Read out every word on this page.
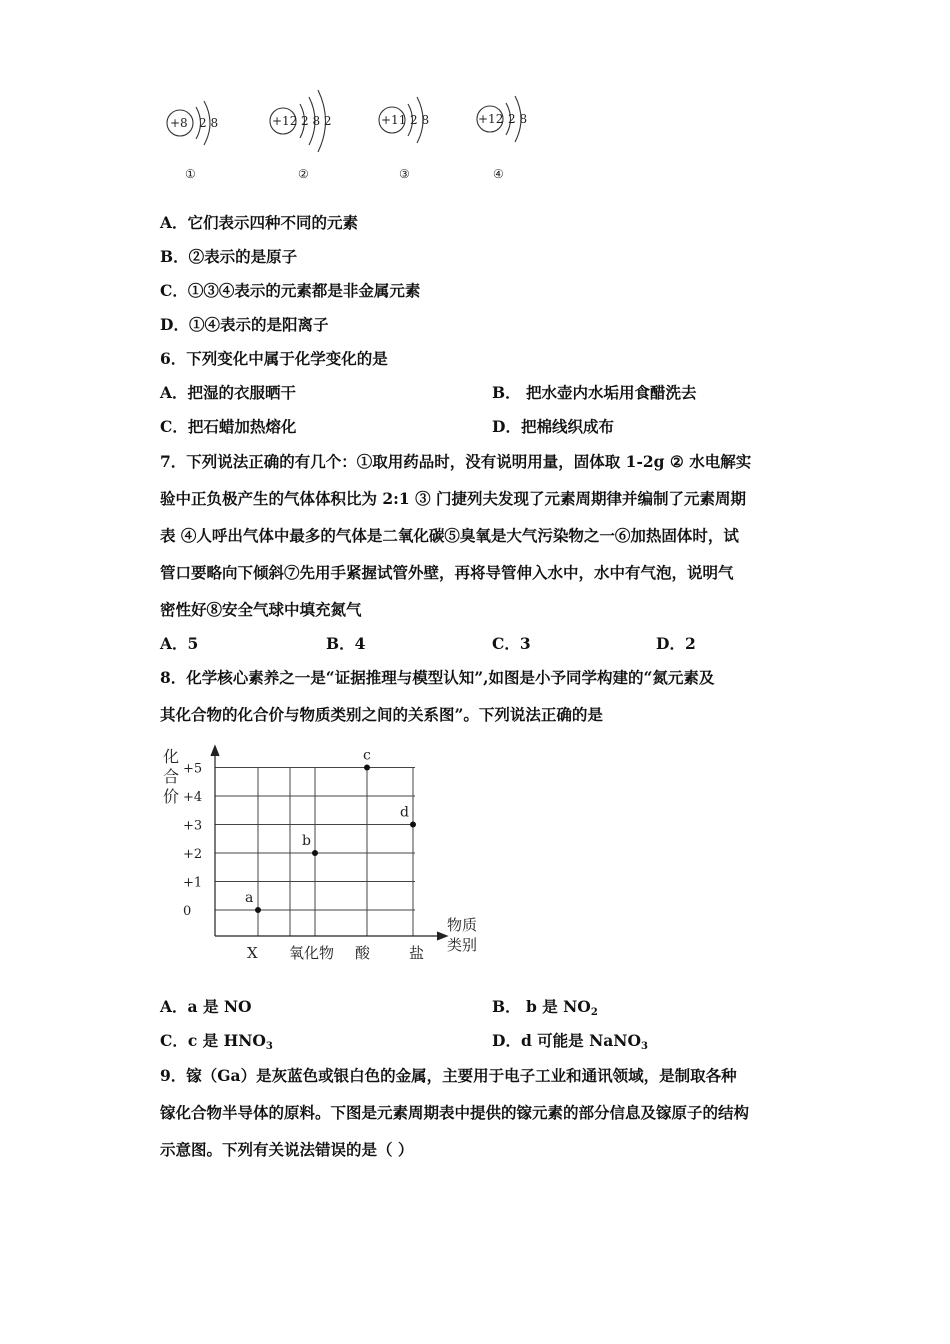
+8 2 8
①
+12 2 8 2
②
+11 2 8
③
+12 2 8
④
A．它们表示四种不同的元素
B．②表示的是原子
C．①③④表示的元素都是非金属元素
D．①④表示的是阳离子
6．下列变化中属于化学变化的是
A．把湿的衣服晒干	B． 把水壶内水垢用食醋洗去
C．把石蜡加热熔化	D．把棉线织成布
7．下列说法正确的有几个：①取用药品时，没有说明用量，固体取 1-2g ② 水电解实
验中正负极产生的气体体积比为 2:1 ③ 门捷列夫发现了元素周期律并编制了元素周期
表 ④人呼出气体中最多的气体是二氧化碳⑤臭氧是大气污染物之一⑥加热固体时，试
管口要略向下倾斜⑦先用手紧握试管外壁，再将导管伸入水中，水中有气泡，说明气
密性好⑧安全气球中填充氮气
A．5	B．4	C．3	D．2
8．化学核心素养之一是“证据推理与模型认知”,如图是小予同学构建的“氮元素及
其化合物的化合价与物质类别之间的关系图”。下列说法正确的是
+5
+4
+3
+2
+1
0
X 氧化物 酸	盐
a
b
c
d
化
合
价
物质
类别
A．a 是 NO	B． b 是 $NO_2$
C．c 是 $HNO_3$	D．d 可能是 NaNO$_3$
9．镓（Ga）是灰蓝色或银白色的金属，主要用于电子工业和通讯领域，是制取各种
镓化合物半导体的原料。下图是元素周期表中提供的镓元素的部分信息及镓原子的结构
示意图。下列有关说法错误的是（ ）
